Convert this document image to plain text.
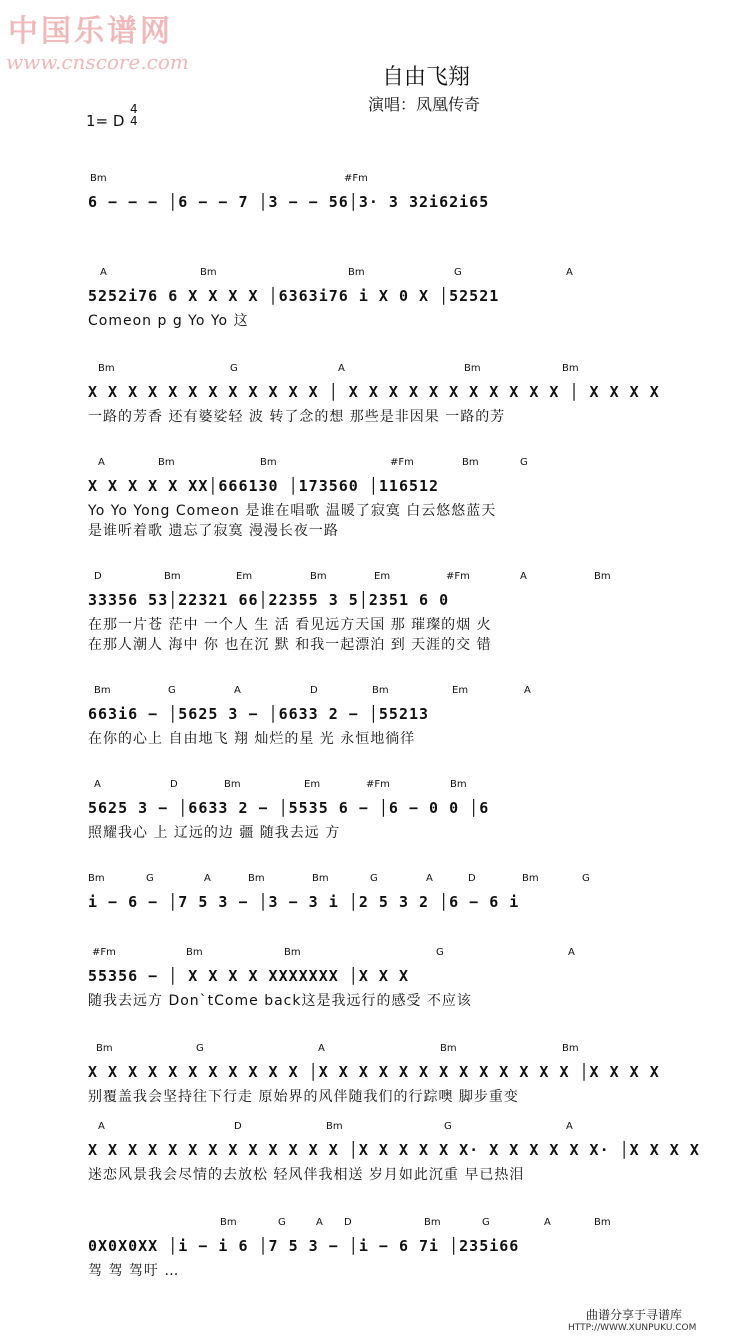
中国乐谱网
www.cnscore.com
自由飞翔
演唱：凤凰传奇
1= D
4
4
Bm	#Fm
6 − − − │6 − − 7 │3 − − 56│3· 3 32i62i65
A	Bm	Bm	G	A
5252i76 6 X X X X │6363i76 i X 0 X │52521
Comeon p g Yo Yo 这
Bm	G	A	Bm	Bm
X X X X X X X X X X X X │ X X X X X X X X X X X │ X X X X
一路的芳香 还有婆娑轻 波 转了念的想 那些是非因果 一路的芳
A	Bm	Bm	#Fm	Bm	G
X X X X X XX│666130 │173560 │116512
Yo Yo Yong Comeon 是谁在唱歌 温暖了寂寞 白云悠悠蓝天
是谁听着歌 遗忘了寂寞 漫漫长夜一路
D	Bm	Em	Bm	Em	#Fm	A	Bm
33356 53│22321 66│22355 3 5│2351 6 0
在那一片苍 茫中 一个人 生 活 看见远方天国 那 璀璨的烟 火
在那人潮人 海中 你 也在沉 默 和我一起漂泊 到 天涯的交 错
Bm	G	A	D	Bm	Em	A
663i6 − │5625 3 − │6633 2 − │55213
在你的心上 自由地飞 翔 灿烂的星 光 永恒地徜徉
A	D	Bm	Em	#Fm	Bm
5625 3 − │6633 2 − │5535 6 − │6 − 0 0 │6
照耀我心 上 辽远的边 疆 随我去远 方
Bm	G	A	Bm	Bm	G	A	D	Bm	G
i − 6 − │7 5 3 − │3 − 3 i │2 5 3 2 │6 − 6 i
#Fm	Bm	Bm	G	A
55356 − │ X X X X XXXXXXX │X X X
随我去远方 Don`tCome back这是我远行的感受 不应该
Bm	G	A	Bm	Bm
X X X X X X X X X X X │X X X X X X X X X X X X X │X X X X
别覆盖我会坚持往下行走 原始界的风伴随我们的行踪噢 脚步重变
A	D	Bm	G	A
X X X X X X X X X X X X X │X X X X X X· X X X X X X· │X X X X
迷恋风景我会尽情的去放松 轻风伴我相送 岁月如此沉重 早已热泪
Bm	G	A D	Bm	G	A	Bm
0X0X0XX │i − i 6 │7 5 3 − │i − 6 7i │235i66
驾 驾 驾吁 …
曲谱分享于寻谱库
HTTP://WWW.XUNPUKU.COM
